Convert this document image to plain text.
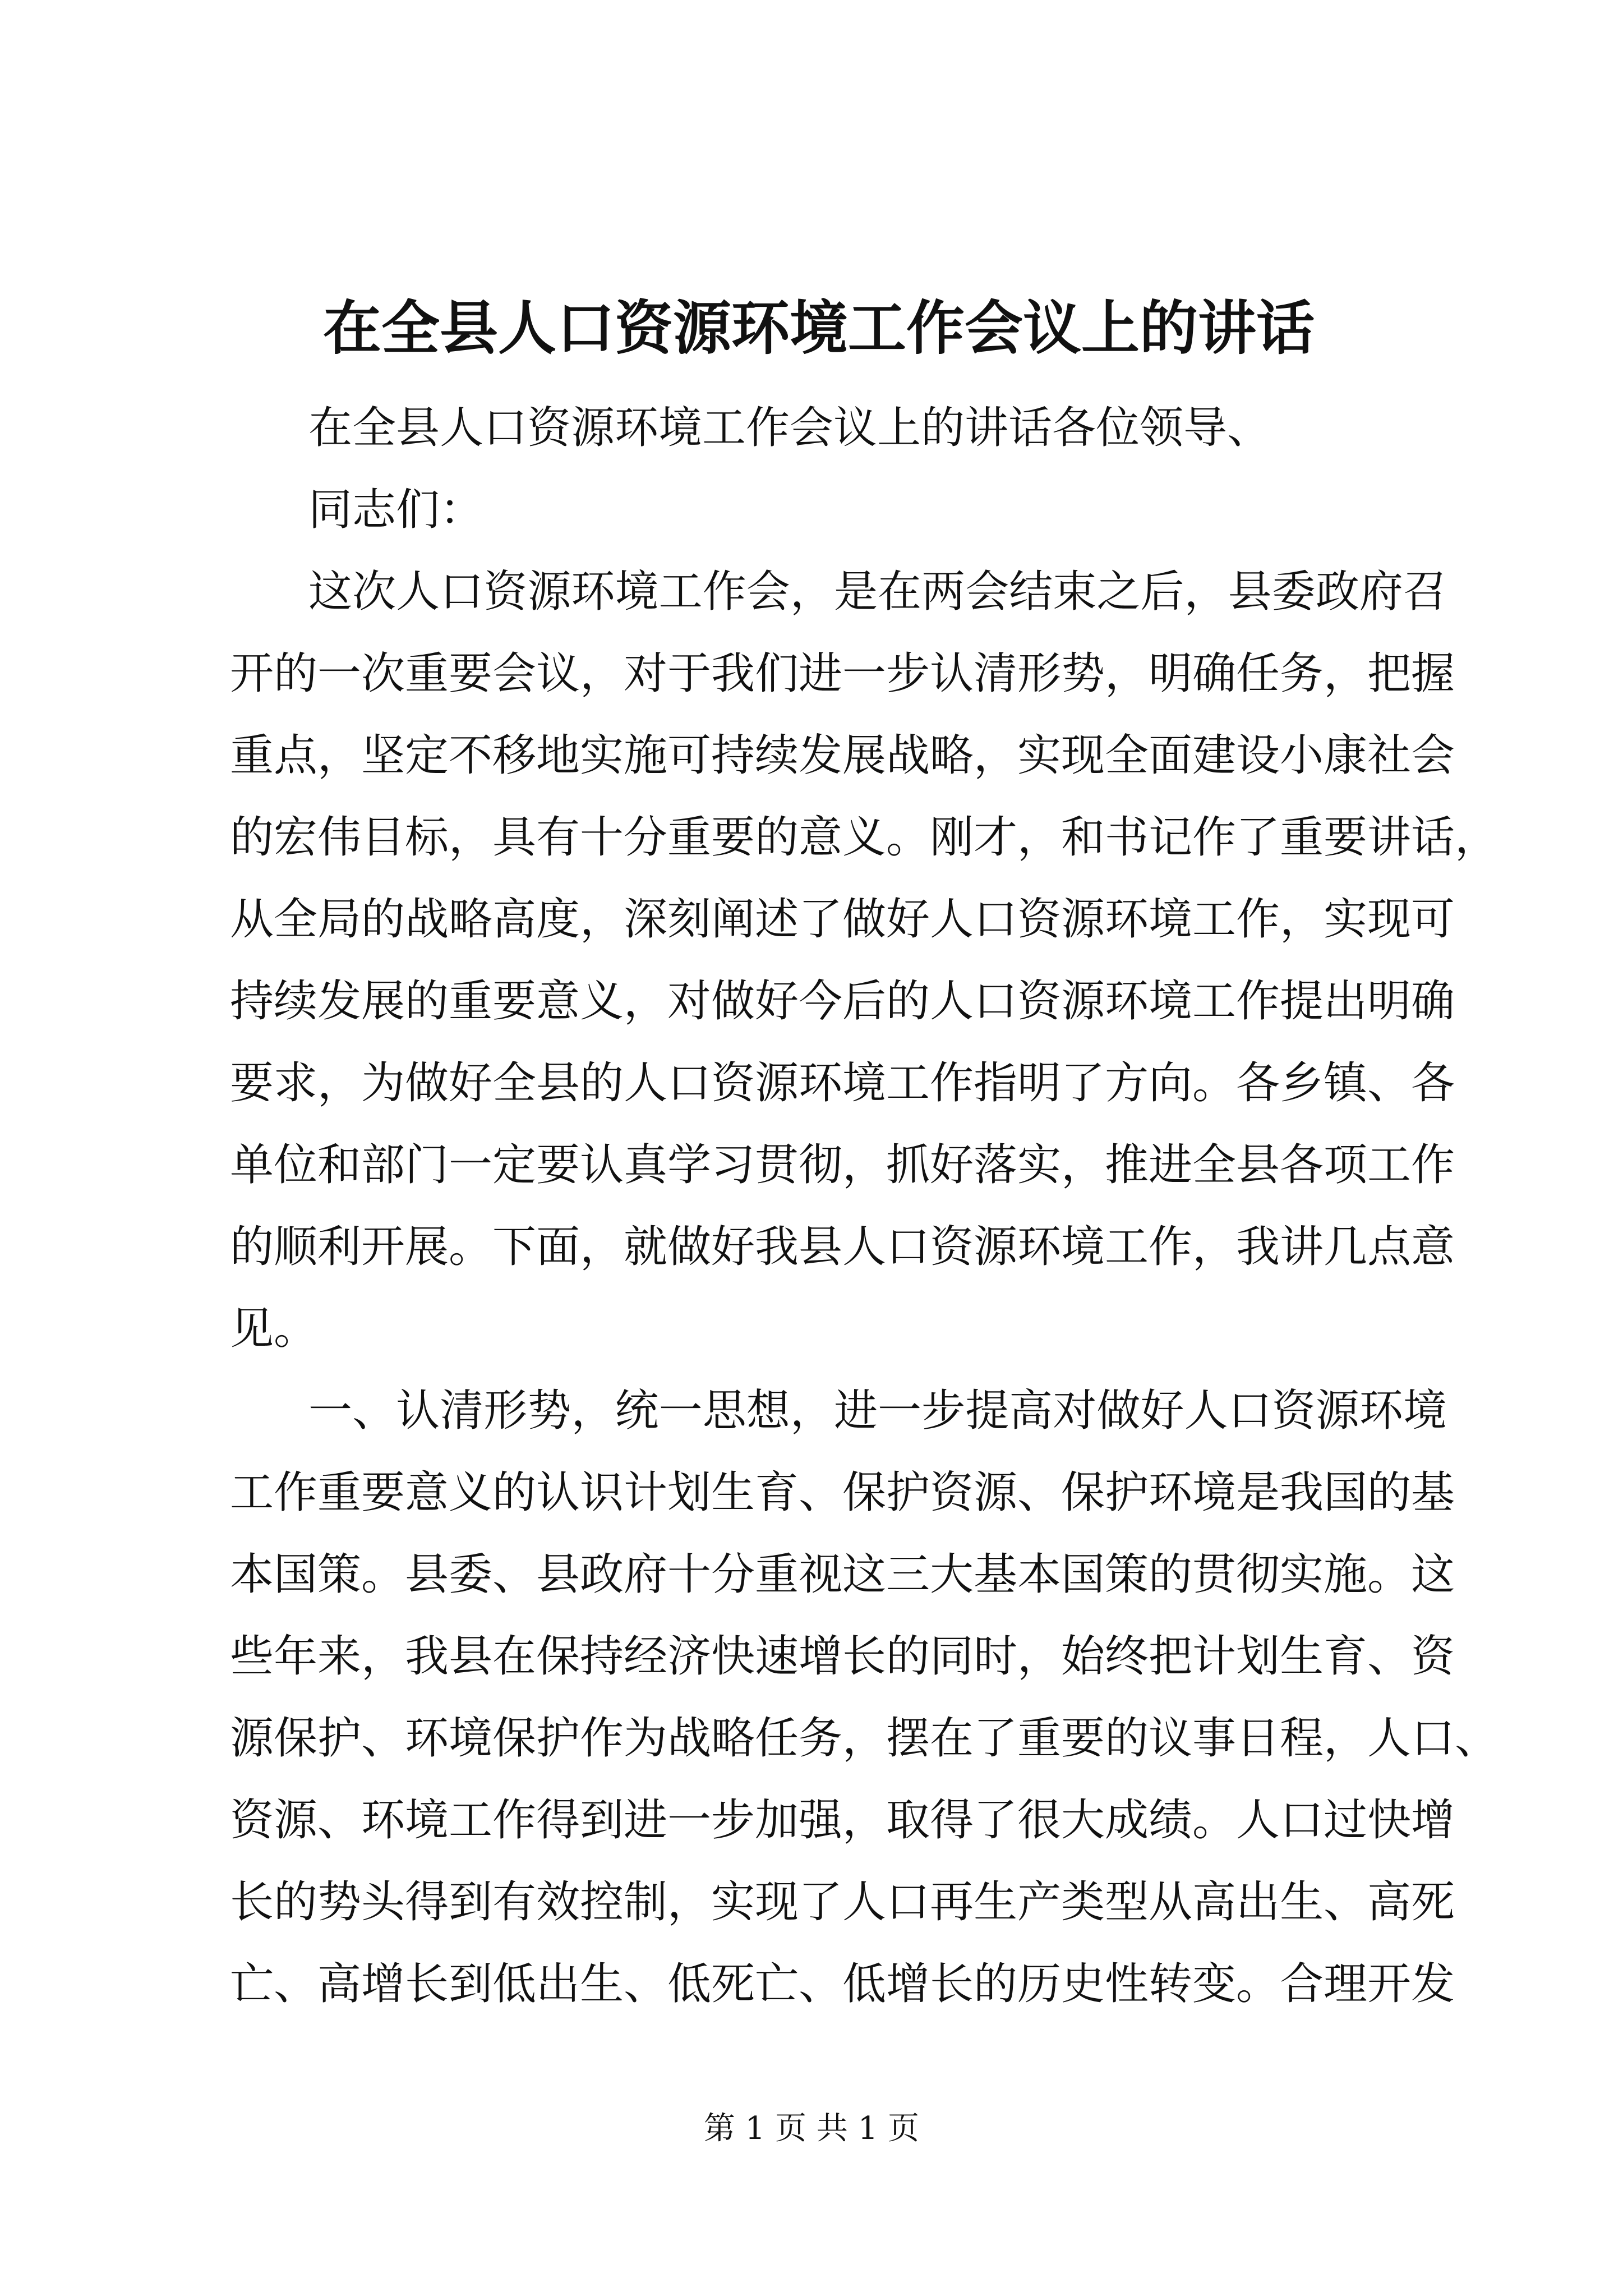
在全县人口资源环境工作会议上的讲话
在全县人口资源环境工作会议上的讲话各位领导、
同志们：
这次人口资源环境工作会，是在两会结束之后，县委政府召
开的一次重要会议，对于我们进一步认清形势，明确任务，把握
重点，坚定不移地实施可持续发展战略，实现全面建设小康社会
的宏伟目标，具有十分重要的意义。刚才，和书记作了重要讲话，
从全局的战略高度，深刻阐述了做好人口资源环境工作，实现可
持续发展的重要意义，对做好今后的人口资源环境工作提出明确
要求，为做好全县的人口资源环境工作指明了方向。各乡镇、各
单位和部门一定要认真学习贯彻，抓好落实，推进全县各项工作
的顺利开展。下面，就做好我县人口资源环境工作，我讲几点意
见。
一、认清形势，统一思想，进一步提高对做好人口资源环境
工作重要意义的认识计划生育、保护资源、保护环境是我国的基
本国策。县委、县政府十分重视这三大基本国策的贯彻实施。这
些年来，我县在保持经济快速增长的同时，始终把计划生育、资
源保护、环境保护作为战略任务，摆在了重要的议事日程，人口、
资源、环境工作得到进一步加强，取得了很大成绩。人口过快增
长的势头得到有效控制，实现了人口再生产类型从高出生、高死
亡、高增长到低出生、低死亡、低增长的历史性转变。合理开发
第 1 页 共 1 页
